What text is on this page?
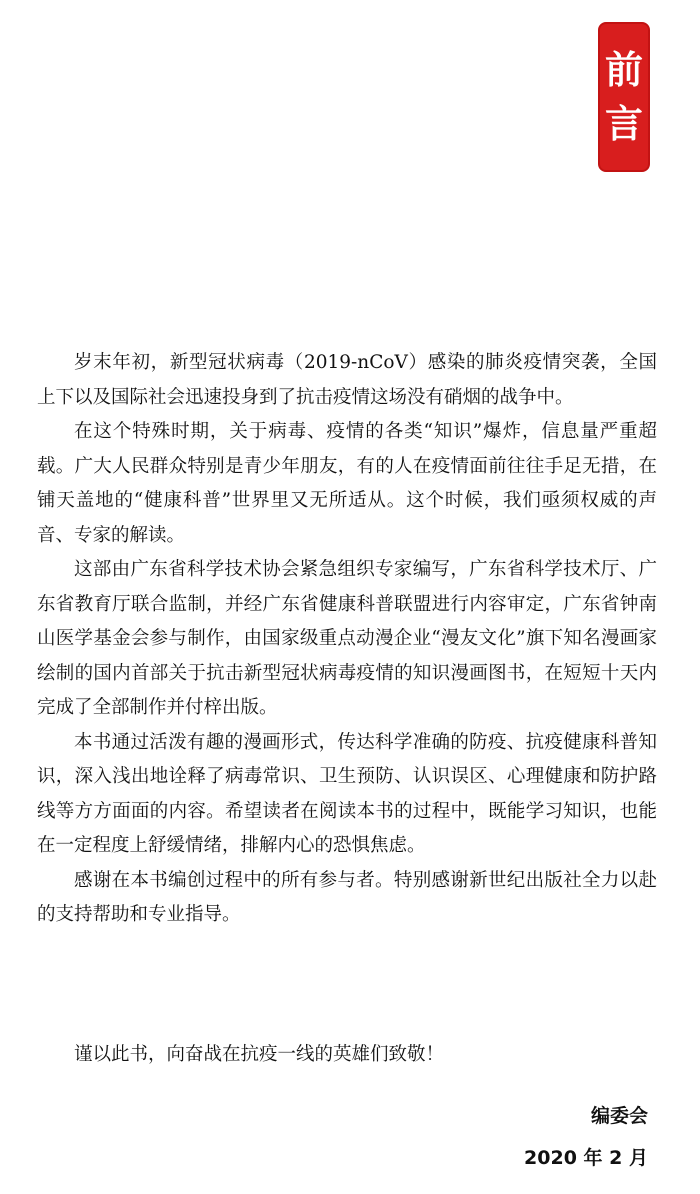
前
言

岁末年初，新型冠状病毒（2019-nCoV）感染的肺炎疫情突袭，全国上下以及国际社会迅速投身到了抗击疫情这场没有硝烟的战争中。

在这个特殊时期，关于病毒、疫情的各类“知识”爆炸，信息量严重超载。广大人民群众特别是青少年朋友，有的人在疫情面前往往手足无措，在铺天盖地的“健康科普”世界里又无所适从。这个时候，我们亟须权威的声音、专家的解读。

这部由广东省科学技术协会紧急组织专家编写，广东省科学技术厅、广东省教育厅联合监制，并经广东省健康科普联盟进行内容审定，广东省钟南山医学基金会参与制作，由国家级重点动漫企业“漫友文化”旗下知名漫画家绘制的国内首部关于抗击新型冠状病毒疫情的知识漫画图书，在短短十天内完成了全部制作并付梓出版。

本书通过活泼有趣的漫画形式，传达科学准确的防疫、抗疫健康科普知识，深入浅出地诠释了病毒常识、卫生预防、认识误区、心理健康和防护路线等方方面面的内容。希望读者在阅读本书的过程中，既能学习知识，也能在一定程度上舒缓情绪，排解内心的恐惧焦虑。

感谢在本书编创过程中的所有参与者。特别感谢新世纪出版社全力以赴的支持帮助和专业指导。

谨以此书，向奋战在抗疫一线的英雄们致敬！

编委会
2020 年 2 月
